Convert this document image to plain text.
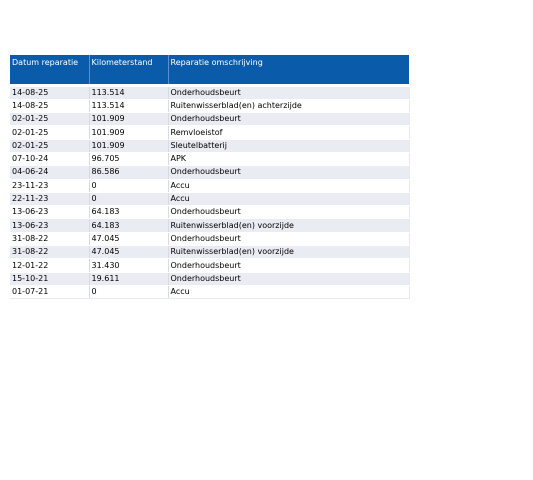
Datum reparatie	Kilometerstand	Reparatie omschrijving
14-08-25	113.514	Onderhoudsbeurt
14-08-25	113.514	Ruitenwisserblad(en) achterzijde
02-01-25	101.909	Onderhoudsbeurt
02-01-25	101.909	Remvloeistof
02-01-25	101.909	Sleutelbatterij
07-10-24	96.705	APK
04-06-24	86.586	Onderhoudsbeurt
23-11-23	0	Accu
22-11-23	0	Accu
13-06-23	64.183	Onderhoudsbeurt
13-06-23	64.183	Ruitenwisserblad(en) voorzijde
31-08-22	47.045	Onderhoudsbeurt
31-08-22	47.045	Ruitenwisserblad(en) voorzijde
12-01-22	31.430	Onderhoudsbeurt
15-10-21	19.611	Onderhoudsbeurt
01-07-21	0	Accu
